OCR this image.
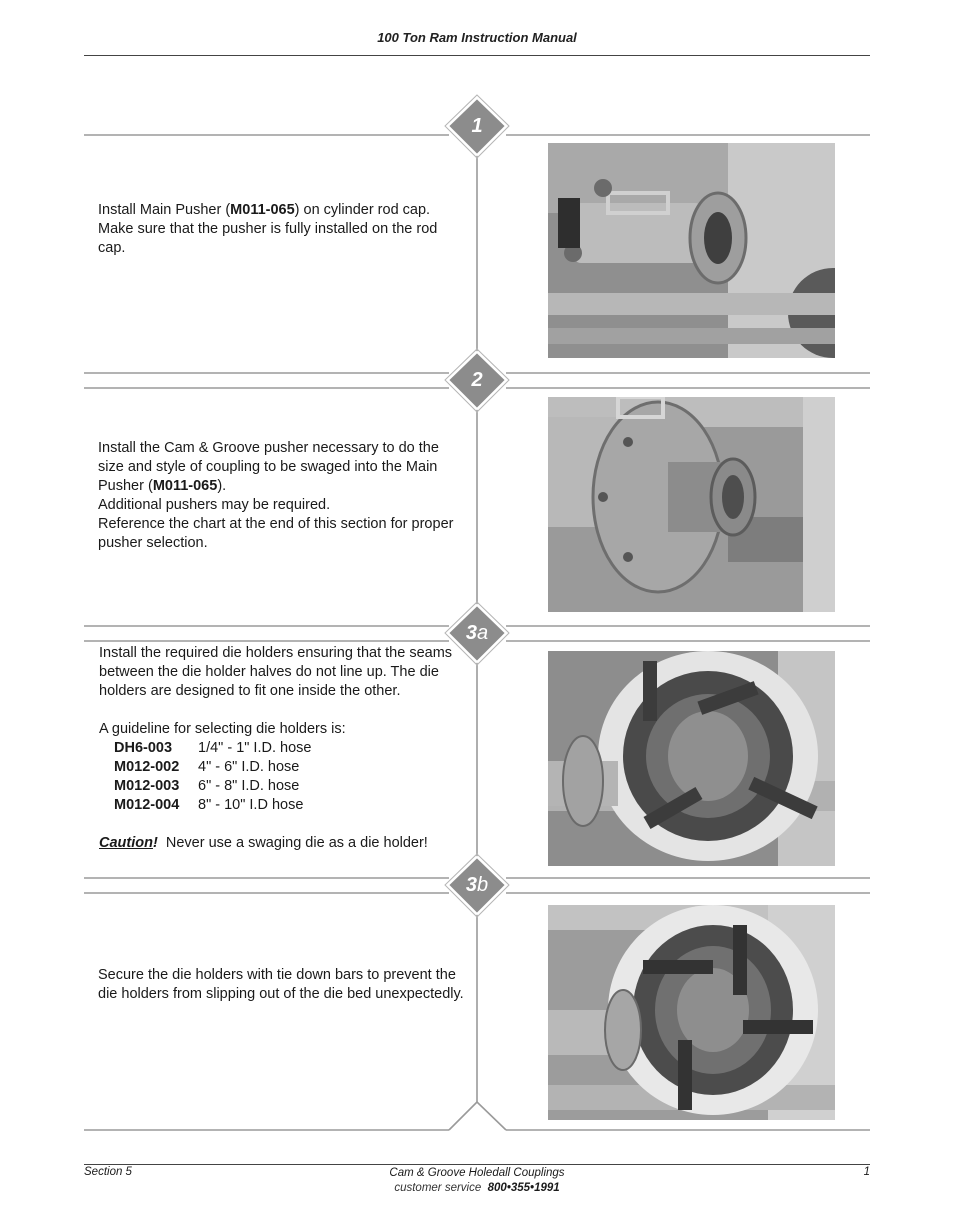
100 Ton Ram Instruction Manual
1
2
3a
3b

Install Main Pusher (M011-065) on cylinder rod cap. Make sure that the pusher is fully installed on the rod cap.

Install the Cam & Groove pusher necessary to do the size and style of coupling to be swaged into the Main Pusher (M011-065).

Additional pushers may be required.

Reference the chart at the end of this section for proper pusher selection.

Install the required die holders ensuring that the seams between the die holder halves do not line up. The die holders are designed to fit one inside the other.

A guideline for selecting die holders is:

DH6-003	1/4" - 1" I.D. hose
M012-002	4" - 6" I.D. hose
M012-003	6" - 8" I.D. hose
M012-004	8" - 10" I.D hose

Caution! Never use a swaging die as a die holder!

Secure the die holders with tie down bars to prevent the die holders from slipping out of the die bed unexpectedly.

Section 5	Cam & Groove Holedall Couplings
customer service 800•355•1991
1
